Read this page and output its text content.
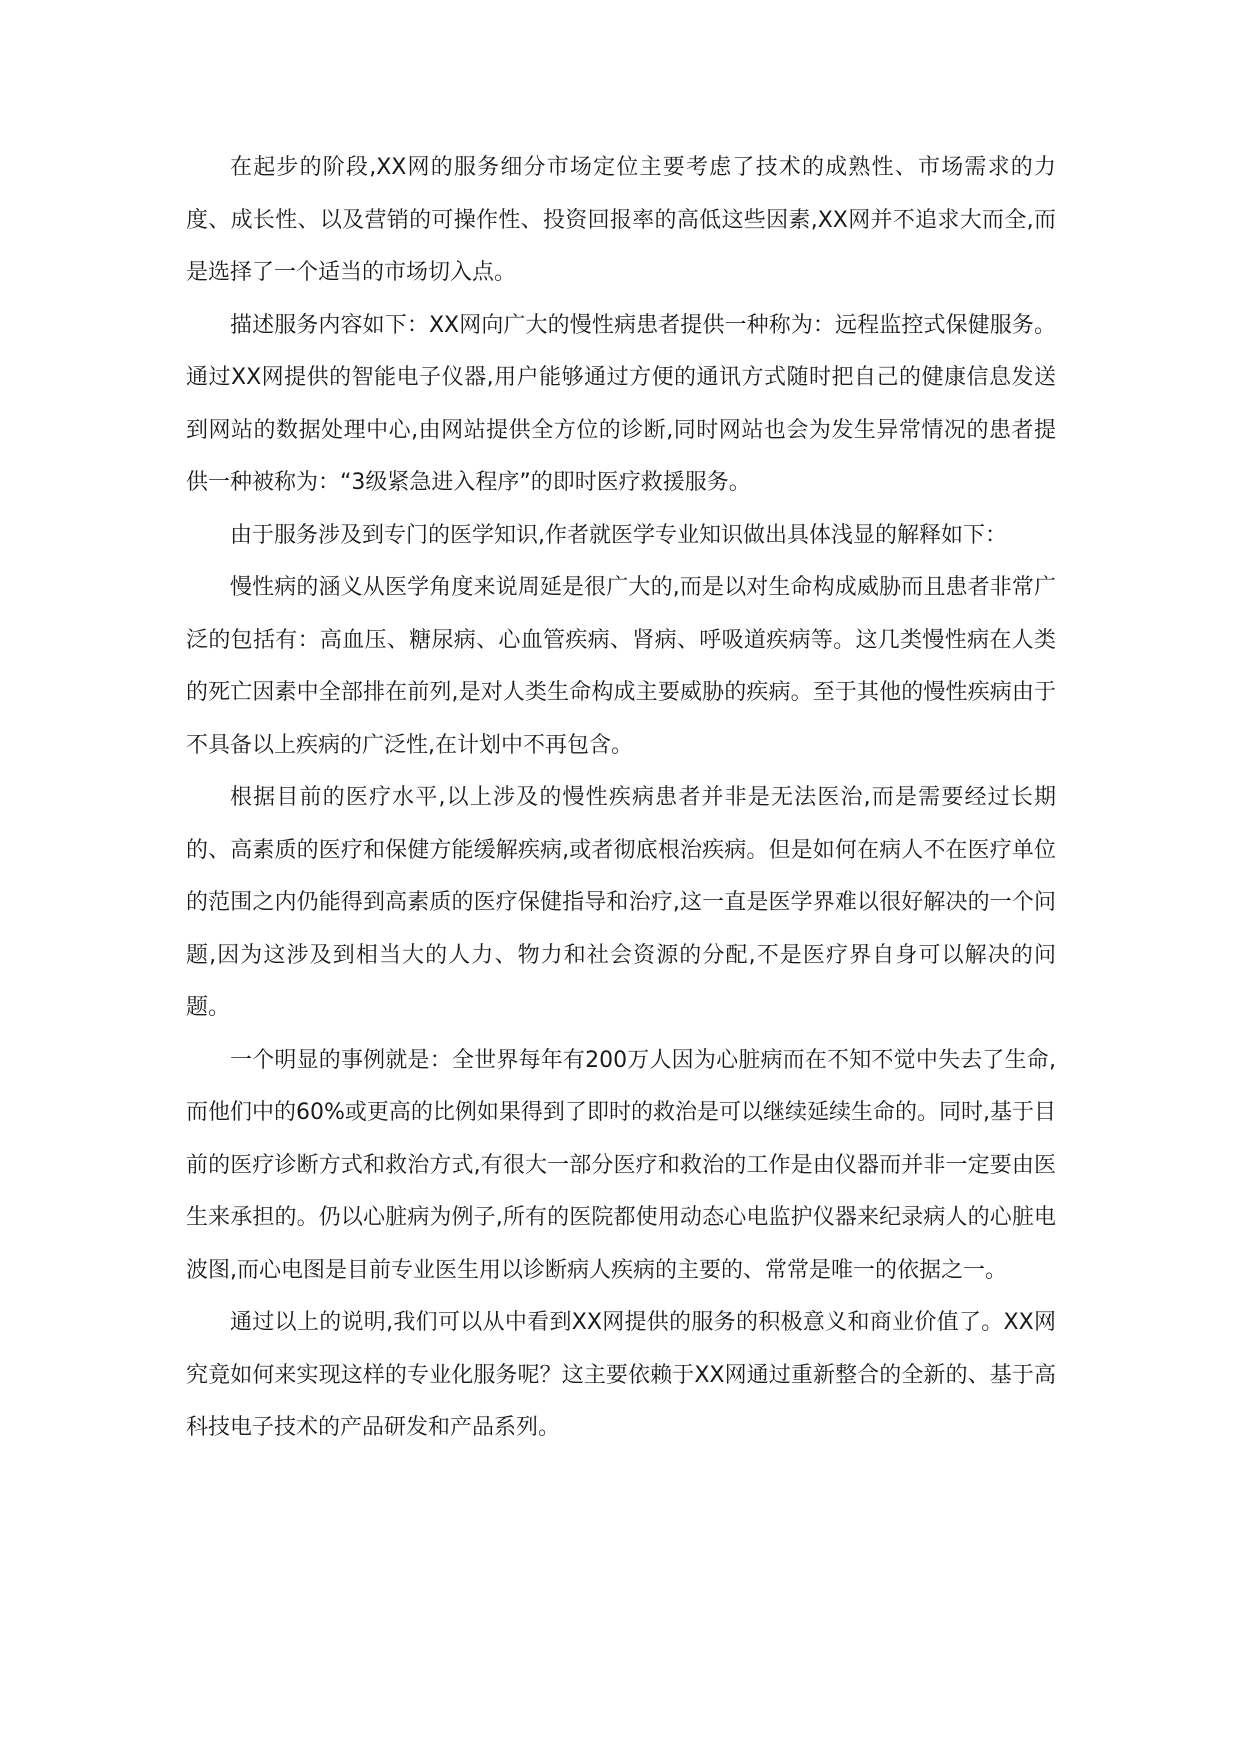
在起步的阶段,XX网的服务细分市场定位主要考虑了技术的成熟性、市场需求的力度、成长性、以及营销的可操作性、投资回报率的高低这些因素,XX网并不追求大而全,而是选择了一个适当的市场切入点。

描述服务内容如下：XX网向广大的慢性病患者提供一种称为：远程监控式保健服务。通过XX网提供的智能电子仪器,用户能够通过方便的通讯方式随时把自己的健康信息发送到网站的数据处理中心,由网站提供全方位的诊断,同时网站也会为发生异常情况的患者提供一种被称为：“3级紧急进入程序”的即时医疗救援服务。

由于服务涉及到专门的医学知识,作者就医学专业知识做出具体浅显的解释如下：

慢性病的涵义从医学角度来说周延是很广大的,而是以对生命构成威胁而且患者非常广泛的包括有：高血压、糖尿病、心血管疾病、肾病、呼吸道疾病等。这几类慢性病在人类的死亡因素中全部排在前列,是对人类生命构成主要威胁的疾病。至于其他的慢性疾病由于不具备以上疾病的广泛性,在计划中不再包含。

根据目前的医疗水平,以上涉及的慢性疾病患者并非是无法医治,而是需要经过长期的、高素质的医疗和保健方能缓解疾病,或者彻底根治疾病。但是如何在病人不在医疗单位的范围之内仍能得到高素质的医疗保健指导和治疗,这一直是医学界难以很好解决的一个问题,因为这涉及到相当大的人力、物力和社会资源的分配,不是医疗界自身可以解决的问题。

一个明显的事例就是：全世界每年有200万人因为心脏病而在不知不觉中失去了生命,而他们中的60%或更高的比例如果得到了即时的救治是可以继续延续生命的。同时,基于目前的医疗诊断方式和救治方式,有很大一部分医疗和救治的工作是由仪器而并非一定要由医生来承担的。仍以心脏病为例子,所有的医院都使用动态心电监护仪器来纪录病人的心脏电波图,而心电图是目前专业医生用以诊断病人疾病的主要的、常常是唯一的依据之一。

通过以上的说明,我们可以从中看到XX网提供的服务的积极意义和商业价值了。XX网究竟如何来实现这样的专业化服务呢？这主要依赖于XX网通过重新整合的全新的、基于高科技电子技术的产品研发和产品系列。
